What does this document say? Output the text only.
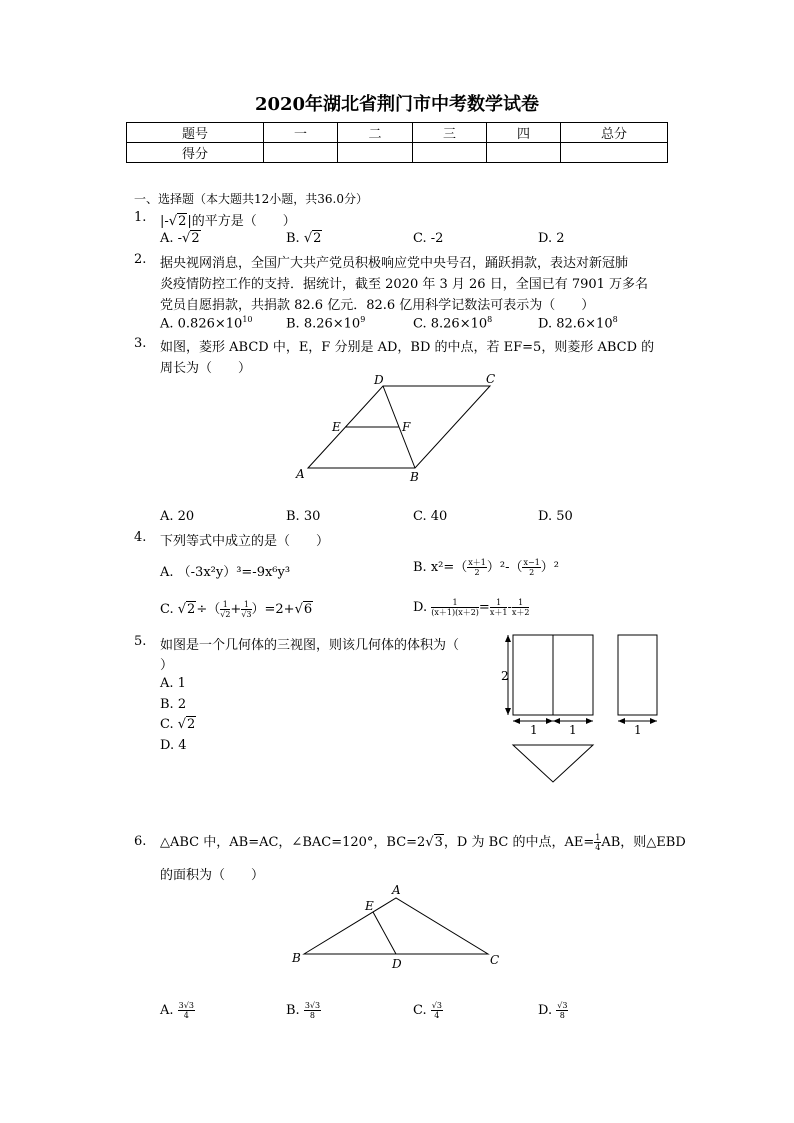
2020年湖北省荆门市中考数学试卷
题号	一	二	三	四	总分
得分					
一、选择题（本大题共12小题，共36.0分）
1. |-√2|的平方是（　　）
A. -√2	B. √2	C. -2	D. 2
2. 据央视网消息，全国广大共产党员积极响应党中央号召，踊跃捐款，表达对新冠肺
炎疫情防控工作的支持．据统计，截至 2020 年 3 月 26 日，全国已有 7901 万多名
党员自愿捐款，共捐款 82.6 亿元．82.6 亿用科学记数法可表示为（　　）
A. $0.826\times 10^{10}$	B. $8.26\times 10^9$	C. $8.26\times 10^8$	D. $82.6\times 10^8$
3. 如图，菱形 ABCD 中，E，F 分别是 AD，BD 的中点，若 EF=5，则菱形 ABCD 的
周长为（　　）
D	C
E	F
A	B
A. 20	B. 30	C. 40	D. 50
4. 下列等式中成立的是（　　）
A. （-3x²y）³=-9x⁶y³	B. $x^2=( \frac{x+1}{2} )^2-( \frac{x-1}{2} )^2$
C. $√2\div( \frac{1}{√2} + \frac{1}{√3} )=2+√6$	D. $\frac{1}{(x+1)(x+2)} = \frac{1}{x+1} - \frac{1}{x+2}$
5. 如图是一个几何体的三视图，则该几何体的体积为（
）
A. 1
B. 2
C. √2
D. 4
2
1	1	1
6. △ABC 中，AB=AC，∠BAC=120°，BC=2√3，D 为 BC 的中点，$AE= \frac{1}{4}$ AB，则△EBD
的面积为（　　）
A
E
B	D	C
A. $\frac{3√3}{4}$	B. $\frac{3√3}{8}$	C. $\frac{√3}{4}$	D. $\frac{√3}{8}$
